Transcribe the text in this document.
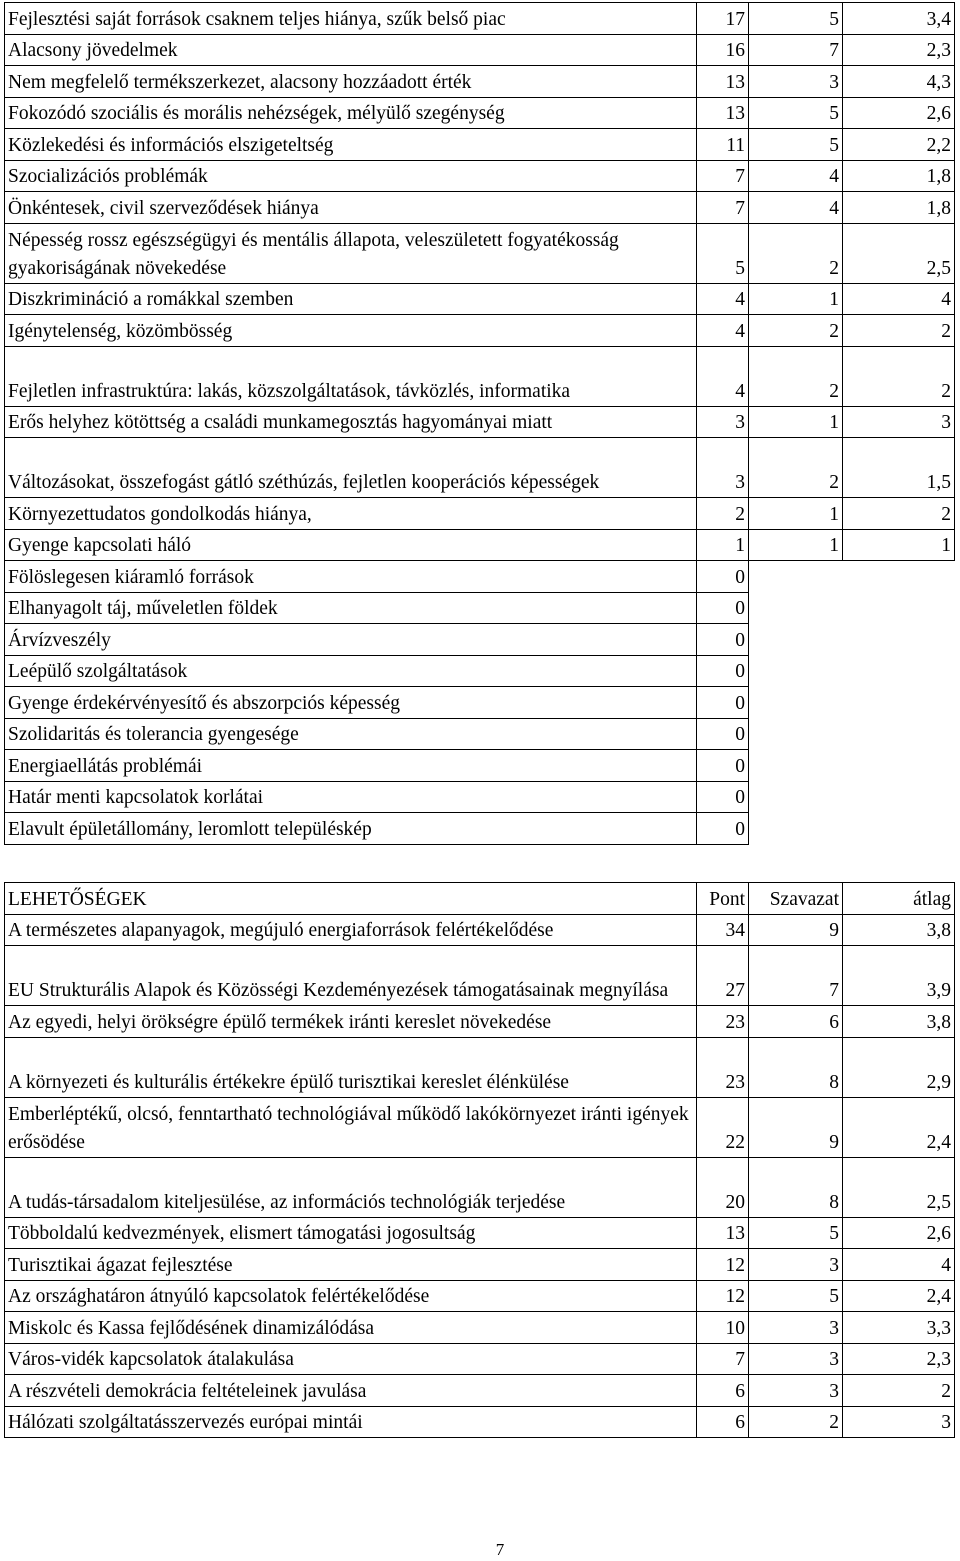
Fejlesztési saját források csaknem teljes hiánya, szűk belső piac	17	5	3,4
Alacsony jövedelmek	16	7	2,3
Nem megfelelő termékszerkezet, alacsony hozzáadott érték	13	3	4,3
Fokozódó szociális és morális nehézségek, mélyülő szegénység	13	5	2,6
Közlekedési és információs elszigeteltség	11	5	2,2
Szocializációs problémák	7	4	1,8
Önkéntesek, civil szerveződések hiánya	7	4	1,8
Népesség rossz egészségügyi és mentális állapota, veleszületett fogyatékosság gyakoriságának növekedése	5	2	2,5
Diszkrimináció a romákkal szemben	4	1	4
Igénytelenség, közömbösség	4	2	2
Fejletlen infrastruktúra: lakás, közszolgáltatások, távközlés, informatika	4	2	2
Erős helyhez kötöttség a családi munkamegosztás hagyományai miatt	3	1	3
Változásokat, összefogást gátló széthúzás, fejletlen kooperációs képességek	3	2	1,5
Környezettudatos gondolkodás hiánya,	2	1	2
Gyenge kapcsolati háló	1	1	1
Fölöslegesen kiáramló források	0		
Elhanyagolt táj, műveletlen földek	0		
Árvízveszély	0		
Leépülő szolgáltatások	0		
Gyenge érdekérvényesítő és abszorpciós képesség	0		
Szolidaritás és tolerancia gyengesége	0		
Energiaellátás problémái	0		
Határ menti kapcsolatok korlátai	0		
Elavult épületállomány, leromlott településkép	0		
LEHETŐSÉGEK	Pont	Szavazat	átlag
A természetes alapanyagok, megújuló energiaforrások felértékelődése	34	9	3,8
EU Strukturális Alapok és Közösségi Kezdeményezések támogatásainak megnyílása	27	7	3,9
Az egyedi, helyi örökségre épülő termékek iránti kereslet növekedése	23	6	3,8
A környezeti és kulturális értékekre épülő turisztikai kereslet élénkülése	23	8	2,9
Emberléptékű, olcsó, fenntartható technológiával működő lakókörnyezet iránti igények erősödése	22	9	2,4
A tudás-társadalom kiteljesülése, az információs technológiák terjedése	20	8	2,5
Többoldalú kedvezmények, elismert támogatási jogosultság	13	5	2,6
Turisztikai ágazat fejlesztése	12	3	4
Az országhatáron átnyúló kapcsolatok felértékelődése	12	5	2,4
Miskolc és Kassa fejlődésének dinamizálódása	10	3	3,3
Város-vidék kapcsolatok átalakulása	7	3	2,3
A részvételi demokrácia feltételeinek javulása	6	3	2
Hálózati szolgáltatásszervezés európai mintái	6	2	3
7
